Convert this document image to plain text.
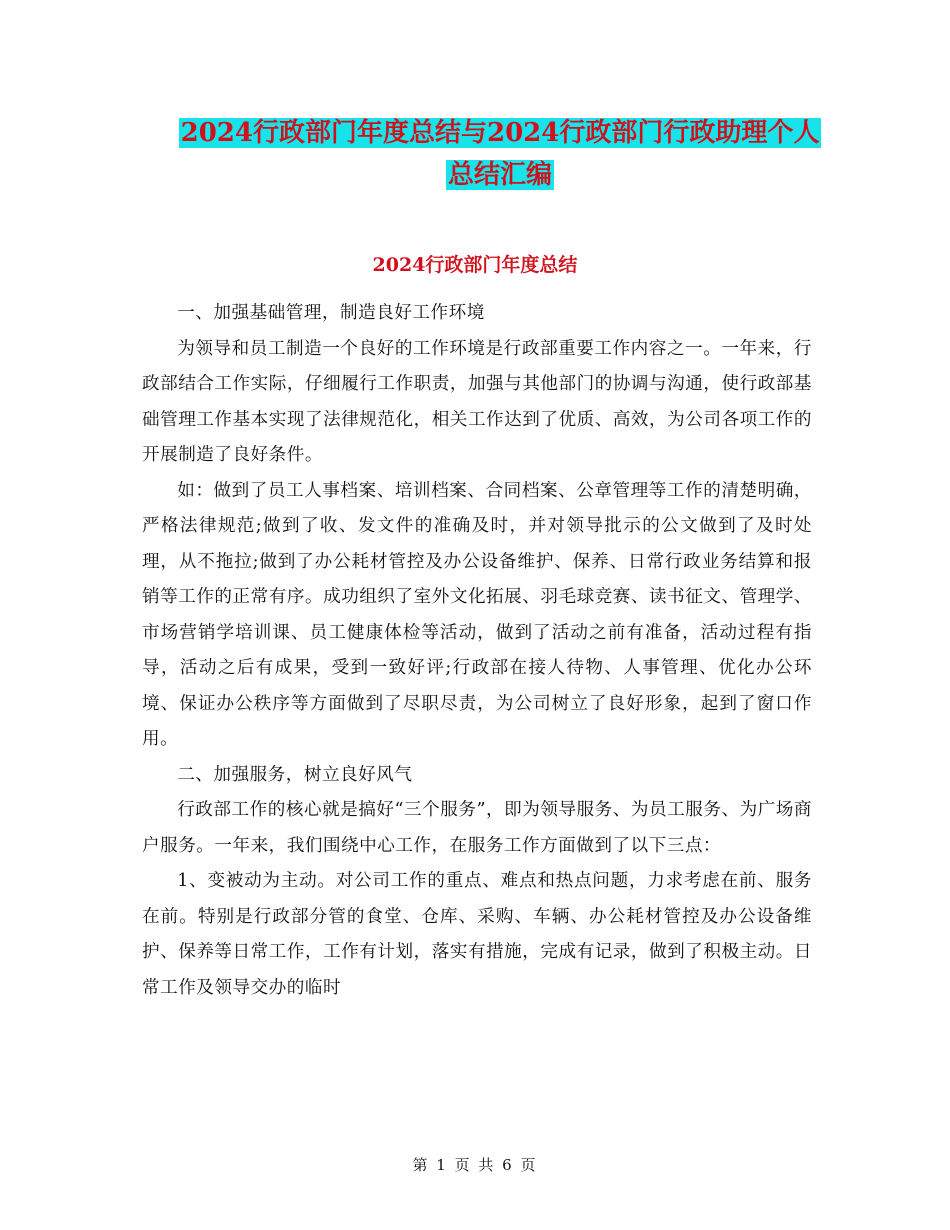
2024行政部门年度总结与2024行政部门行政助理个人
总结汇编
2024行政部门年度总结

一、加强基础管理，制造良好工作环境

为领导和员工制造一个良好的工作环境是行政部重要工作内容之一。一年来，行政部结合工作实际，仔细履行工作职责，加强与其他部门的协调与沟通，使行政部基础管理工作基本实现了法律规范化，相关工作达到了优质、高效，为公司各项工作的开展制造了良好条件。

如：做到了员工人事档案、培训档案、合同档案、公章管理等工作的清楚明确，严格法律规范;做到了收、发文件的准确及时，并对领导批示的公文做到了及时处理，从不拖拉;做到了办公耗材管控及办公设备维护、保养、日常行政业务结算和报销等工作的正常有序。成功组织了室外文化拓展、羽毛球竞赛、读书征文、管理学、市场营销学培训课、员工健康体检等活动，做到了活动之前有准备，活动过程有指导，活动之后有成果，受到一致好评;行政部在接人待物、人事管理、优化办公环境、保证办公秩序等方面做到了尽职尽责，为公司树立了良好形象，起到了窗口作用。

二、加强服务，树立良好风气

行政部工作的核心就是搞好“三个服务”，即为领导服务、为员工服务、为广场商户服务。一年来，我们围绕中心工作，在服务工作方面做到了以下三点：

1、变被动为主动。对公司工作的重点、难点和热点问题，力求考虑在前、服务在前。特别是行政部分管的食堂、仓库、采购、车辆、办公耗材管控及办公设备维护、保养等日常工作，工作有计划，落实有措施，完成有记录，做到了积极主动。日常工作及领导交办的临时

第 1 页 共 6 页
